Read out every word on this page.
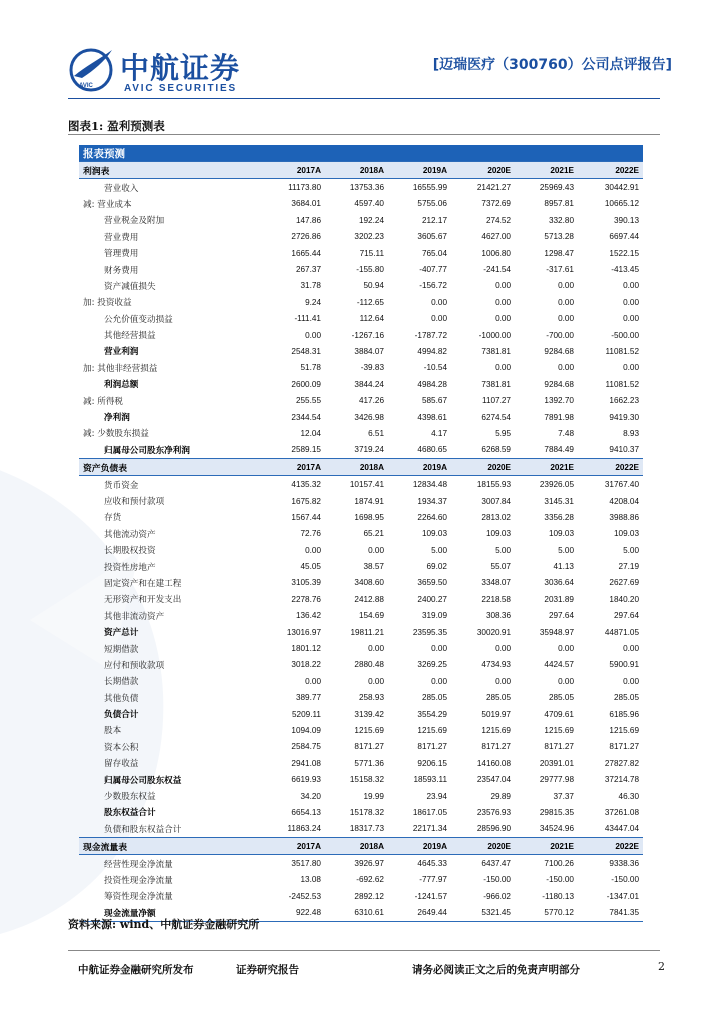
AVIC
中航证券
AVIC SECURITIES
[迈瑞医疗（300760）公司点评报告]
图表1: 盈利预测表
报表预测						
利润表	2017A	2018A	2019A	2020E	2021E	2022E
营业收入	11173.80	13753.36	16555.99	21421.27	25969.43	30442.91
减: 营业成本	3684.01	4597.40	5755.06	7372.69	8957.81	10665.12
营业税金及附加	147.86	192.24	212.17	274.52	332.80	390.13
营业费用	2726.86	3202.23	3605.67	4627.00	5713.28	6697.44
管理费用	1665.44	715.11	765.04	1006.80	1298.47	1522.15
财务费用	267.37	-155.80	-407.77	-241.54	-317.61	-413.45
资产减值损失	31.78	50.94	-156.72	0.00	0.00	0.00
加: 投资收益	9.24	-112.65	0.00	0.00	0.00	0.00
公允价值变动损益	-111.41	112.64	0.00	0.00	0.00	0.00
其他经营损益	0.00	-1267.16	-1787.72	-1000.00	-700.00	-500.00
营业利润	2548.31	3884.07	4994.82	7381.81	9284.68	11081.52
加: 其他非经营损益	51.78	-39.83	-10.54	0.00	0.00	0.00
利润总额	2600.09	3844.24	4984.28	7381.81	9284.68	11081.52
减: 所得税	255.55	417.26	585.67	1107.27	1392.70	1662.23
净利润	2344.54	3426.98	4398.61	6274.54	7891.98	9419.30
减: 少数股东损益	12.04	6.51	4.17	5.95	7.48	8.93
归属母公司股东净利润	2589.15	3719.24	4680.65	6268.59	7884.49	9410.37
资产负债表	2017A	2018A	2019A	2020E	2021E	2022E
货币资金	4135.32	10157.41	12834.48	18155.93	23926.05	31767.40
应收和预付款项	1675.82	1874.91	1934.37	3007.84	3145.31	4208.04
存货	1567.44	1698.95	2264.60	2813.02	3356.28	3988.86
其他流动资产	72.76	65.21	109.03	109.03	109.03	109.03
长期股权投资	0.00	0.00	5.00	5.00	5.00	5.00
投资性房地产	45.05	38.57	69.02	55.07	41.13	27.19
固定资产和在建工程	3105.39	3408.60	3659.50	3348.07	3036.64	2627.69
无形资产和开发支出	2278.76	2412.88	2400.27	2218.58	2031.89	1840.20
其他非流动资产	136.42	154.69	319.09	308.36	297.64	297.64
资产总计	13016.97	19811.21	23595.35	30020.91	35948.97	44871.05
短期借款	1801.12	0.00	0.00	0.00	0.00	0.00
应付和预收款项	3018.22	2880.48	3269.25	4734.93	4424.57	5900.91
长期借款	0.00	0.00	0.00	0.00	0.00	0.00
其他负债	389.77	258.93	285.05	285.05	285.05	285.05
负债合计	5209.11	3139.42	3554.29	5019.97	4709.61	6185.96
股本	1094.09	1215.69	1215.69	1215.69	1215.69	1215.69
资本公积	2584.75	8171.27	8171.27	8171.27	8171.27	8171.27
留存收益	2941.08	5771.36	9206.15	14160.08	20391.01	27827.82
归属母公司股东权益	6619.93	15158.32	18593.11	23547.04	29777.98	37214.78
少数股东权益	34.20	19.99	23.94	29.89	37.37	46.30
股东权益合计	6654.13	15178.32	18617.05	23576.93	29815.35	37261.08
负债和股东权益合计	11863.24	18317.73	22171.34	28596.90	34524.96	43447.04
现金流量表	2017A	2018A	2019A	2020E	2021E	2022E
经营性现金净流量	3517.80	3926.97	4645.33	6437.47	7100.26	9338.36
投资性现金净流量	13.08	-692.62	-777.97	-150.00	-150.00	-150.00
筹资性现金净流量	-2452.53	2892.12	-1241.57	-966.02	-1180.13	-1347.01
现金流量净额	922.48	6310.61	2649.44	5321.45	5770.12	7841.35
资料来源: wind、中航证券金融研究所
中航证券金融研究所发布	证券研究报告	请务必阅读正文之后的免责声明部分	2
